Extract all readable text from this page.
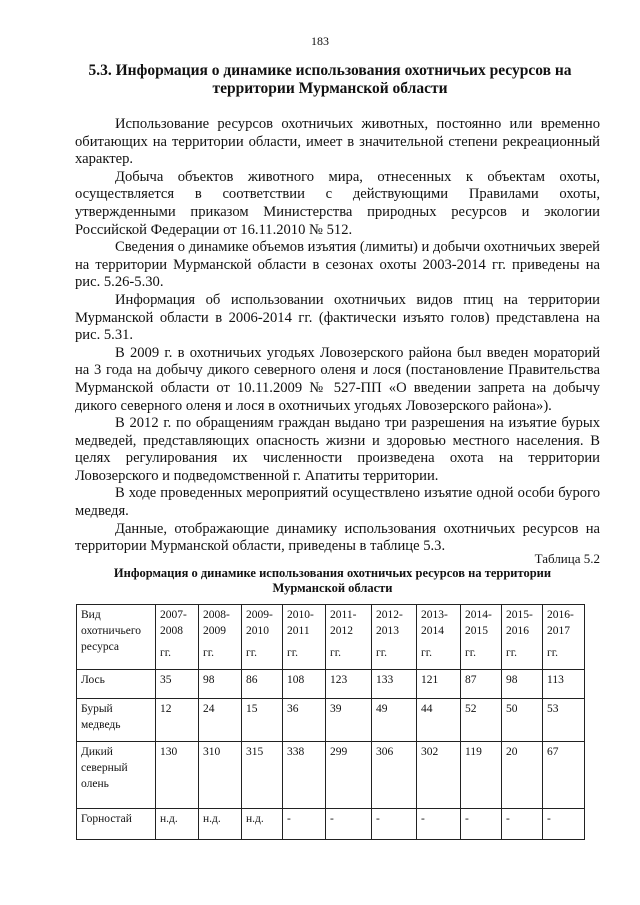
183
5.3. Информация о динамике использования охотничьих ресурсов на
территории Мурманской области

Использование ресурсов охотничьих животных, постоянно или временно обитающих на территории области, имеет в значительной степени рекреационный характер.

Добыча объектов животного мира, отнесенных к объектам охоты, осуществляется в соответствии с действующими Правилами охоты, утвержденными приказом Министерства природных ресурсов и экологии Российской Федерации от 16.11.2010 № 512.

Сведения о динамике объемов изъятия (лимиты) и добычи охотничьих зверей на территории Мурманской области в сезонах охоты 2003-2014 гг. приведены на рис. 5.26-5.30.

Информация об использовании охотничьих видов птиц на территории Мурманской области в 2006-2014 гг. (фактически изъято голов) представлена на рис. 5.31.

В 2009 г. в охотничьих угодьях Ловозерского района был введен мораторий на 3 года на добычу дикого северного оленя и лося (постановление Правительства Мурманской области от 10.11.2009 № 527-ПП «О введении запрета на добычу дикого северного оленя и лося в охотничьих угодьях Ловозерского района»).

В 2012 г. по обращениям граждан выдано три разрешения на изъятие бурых медведей, представляющих опасность жизни и здоровью местного населения. В целях регулирования их численности произведена охота на территории Ловозерского и подведомственной г. Апатиты территории.

В ходе проведенных мероприятий осуществлено изъятие одной особи бурого медведя.

Данные, отображающие динамику использования охотничьих ресурсов на территории Мурманской области, приведены в таблице 5.3.

Таблица 5.2
Информация о динамике использования охотничьих ресурсов на территории
Мурманской области
Вид
охотничьего
ресурса	2007-
2008
гг.	2008-
2009
гг.	2009-
2010
гг.	2010-
2011
гг.	2011-
2012
гг.	2012-
2013
гг.	2013-
2014
гг.	2014-
2015
гг.	2015-
2016
гг.	2016-
2017
гг.

Лось	35	98	86	108	123	133	121	87	98	113

Бурый
медведь	12	24	15	36	39	49	44	52	50	53

Дикий
северный
олень	130	310	315	338	299	306	302	119	20	67

Горностай	н.д.	н.д.	н.д.	-	-	-	-	-	-	-
